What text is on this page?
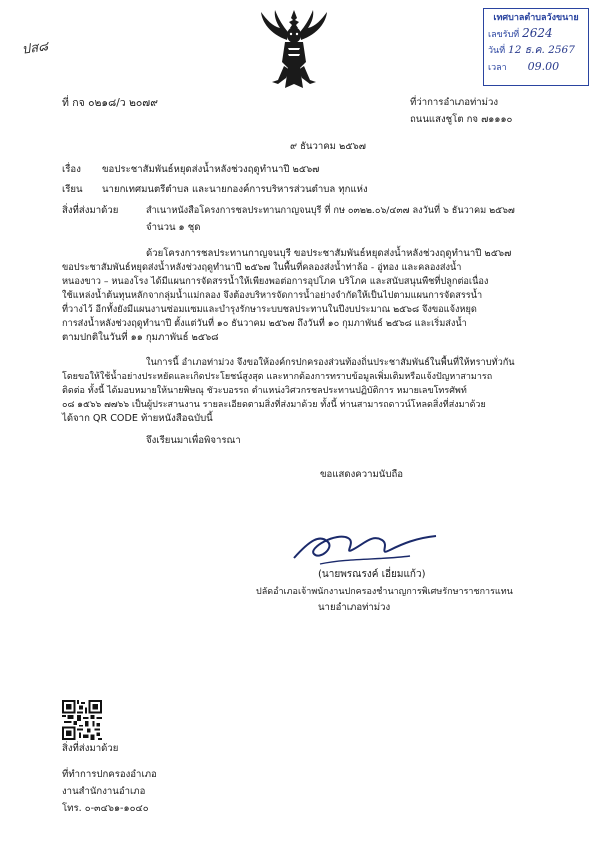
ปส๘
เทศบาลตำบลวังขนาย
เลขรับที่ 2624
วันที่ 12 ธ.ค. 2567
เวลา 09.00
ที่ กจ ๐๒๑๘/ว ๒๐๗๙	ที่ว่าการอำเภอท่าม่วง
ถนนแสงชูโต กจ ๗๑๑๑๐
๙ ธันวาคม ๒๕๖๗
เรื่อง ขอประชาสัมพันธ์หยุดส่งน้ำหลังช่วงฤดูทำนาปี ๒๕๖๗
เรียน นายกเทศมนตรีตำบล และนายกองค์การบริหารส่วนตำบล ทุกแห่ง
สิ่งที่ส่งมาด้วย	สำเนาหนังสือโครงการชลประทานกาญจนบุรี ที่ กษ ๐๓๒๒.๐๖/๔๓๗ ลงวันที่ ๖ ธันวาคม ๒๕๖๗
จำนวน ๑ ชุด

ด้วยโครงการชลประทานกาญจนบุรี ขอประชาสัมพันธ์หยุดส่งน้ำหลังช่วงฤดูทำนาปี ๒๕๖๗

ขอประชาสัมพันธ์หยุดส่งน้ำหลังช่วงฤดูทำนาปี ๒๕๖๗ ในพื้นที่คลองส่งน้ำท่าล้อ - อู่ทอง และคลองส่งน้ำ

หนองขาว – หนองโรง ได้มีแผนการจัดสรรน้ำให้เพียงพอต่อการอุปโภค บริโภค และสนับสนุนพืชที่ปลูกต่อเนื่อง

ใช้แหล่งน้ำต้นทุนหลักจากลุ่มน้ำแม่กลอง จึงต้องบริหารจัดการน้ำอย่างจำกัดให้เป็นไปตามแผนการจัดสรรน้ำ

ที่วางไว้ อีกทั้งยังมีแผนงานซ่อมแซมและบำรุงรักษาระบบชลประทานในปีงบประมาณ ๒๕๖๘ จึงขอแจ้งหยุด

การส่งน้ำหลังช่วงฤดูทำนาปี ตั้งแต่วันที่ ๑๐ ธันวาคม ๒๕๖๗ ถึงวันที่ ๑๐ กุมภาพันธ์ ๒๕๖๘ และเริ่มส่งน้ำ

ตามปกติในวันที่ ๑๑ กุมภาพันธ์ ๒๕๖๘

ในการนี้ อำเภอท่าม่วง จึงขอให้องค์กรปกครองส่วนท้องถิ่นประชาสัมพันธ์ในพื้นที่ให้ทราบทั่วกัน

โดยขอให้ใช้น้ำอย่างประหยัดและเกิดประโยชน์สูงสุด และหากต้องการทราบข้อมูลเพิ่มเติมหรือแจ้งปัญหาสามารถ

ติดต่อ ทั้งนี้ ได้มอบหมายให้นายพิษณุ ชัวะบอรรถ ตำแหน่งวิศวกรชลประทานปฏิบัติการ หมายเลขโทรศัพท์

๐๘ ๑๕๖๖ ๗๗๖๖ เป็นผู้ประสานงาน รายละเอียดตามสิ่งที่ส่งมาด้วย ทั้งนี้ ท่านสามารถดาวน์โหลดสิ่งที่ส่งมาด้วย

ได้จาก QR CODE ท้ายหนังสือฉบับนี้

จึงเรียนมาเพื่อพิจารณา
ขอแสดงความนับถือ
(นายพรณรงค์ เอี่ยมแก้ว)
ปลัดอำเภอเจ้าพนักงานปกครองชำนาญการพิเศษรักษาราชการแทน
นายอำเภอท่าม่วง
สิ่งที่ส่งมาด้วย
ที่ทำการปกครองอำเภอ
งานสำนักงานอำเภอ
โทร. ๐-๓๔๖๑-๑๐๔๐
